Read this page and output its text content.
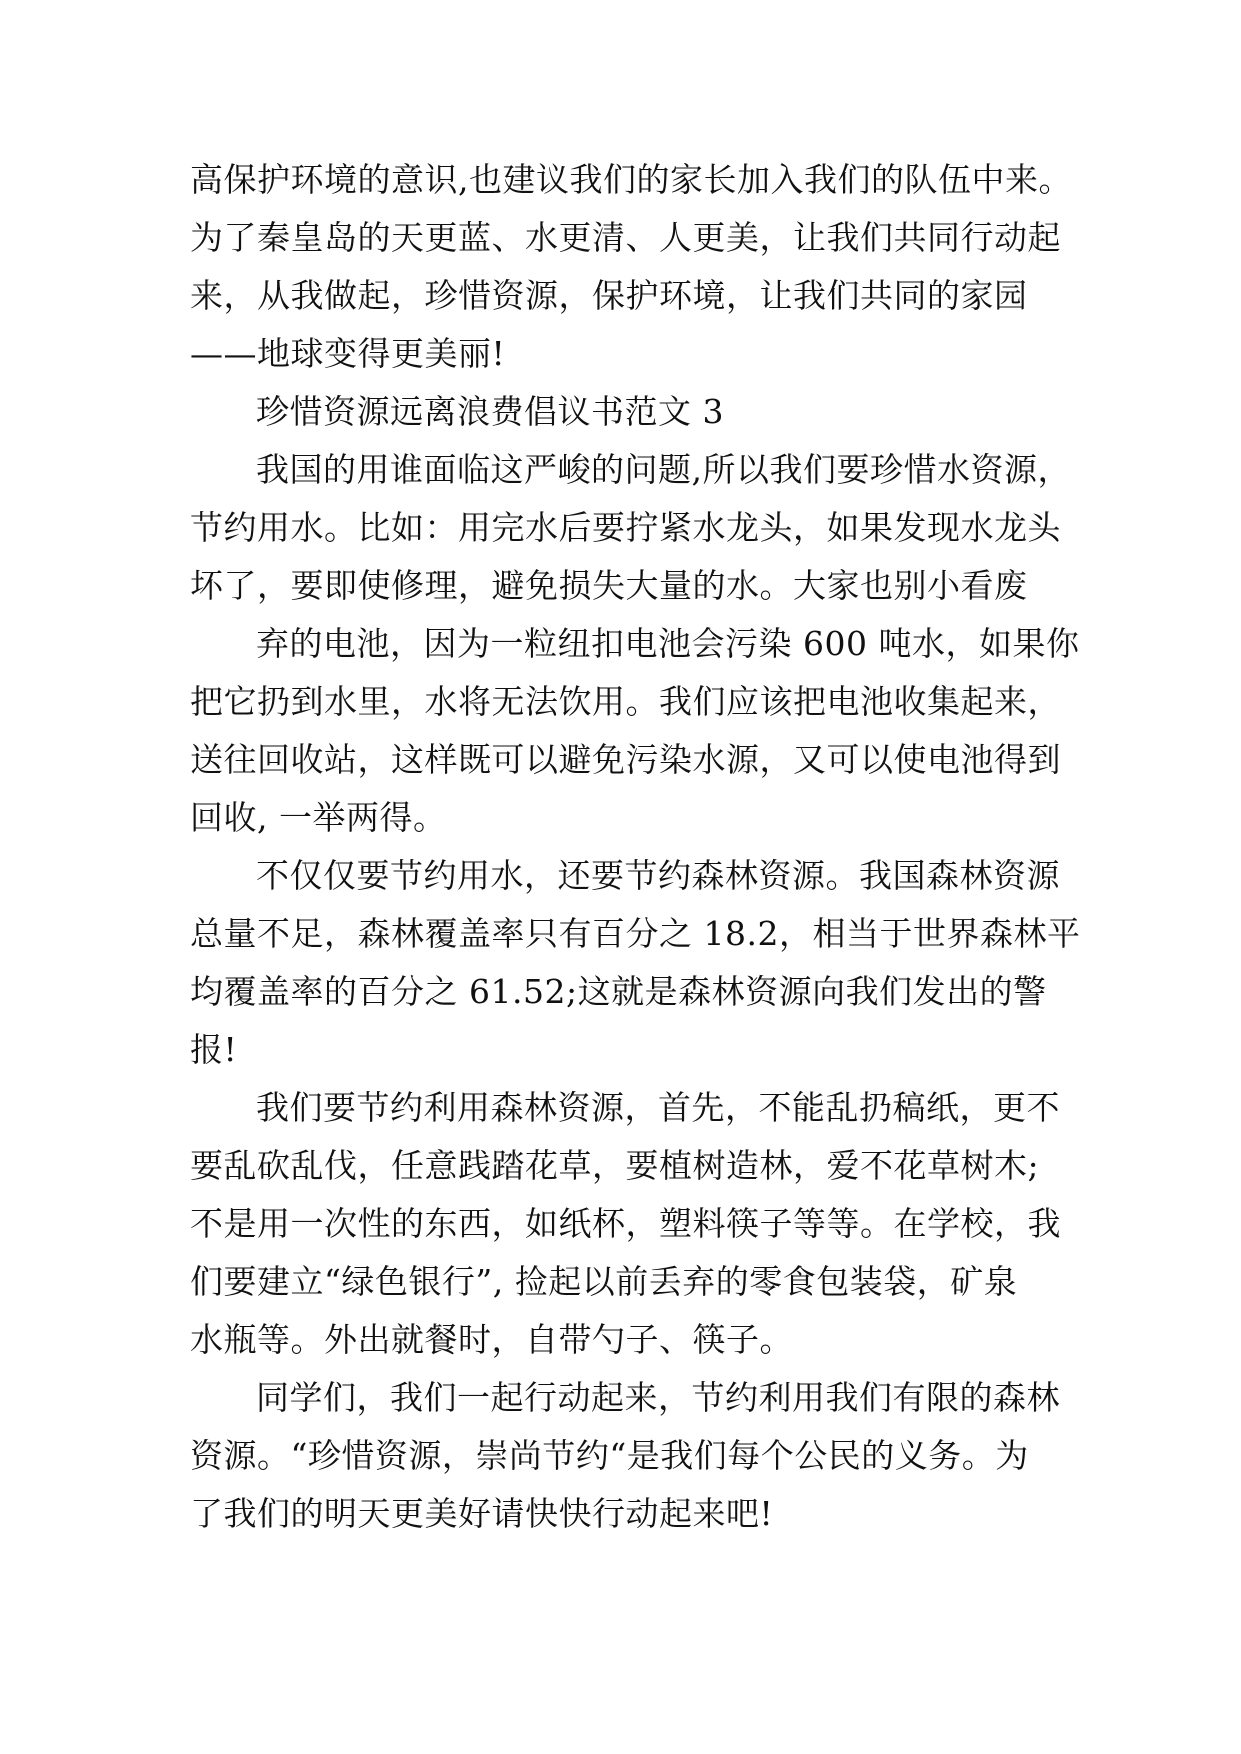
高保护环境的意识,也建议我们的家长加入我们的队伍中来。
为了秦皇岛的天更蓝、水更清、人更美，让我们共同行动起
来，从我做起，珍惜资源，保护环境，让我们共同的家园
——地球变得更美丽!
珍惜资源远离浪费倡议书范文 3
我国的用谁面临这严峻的问题,所以我们要珍惜水资源，
节约用水。比如：用完水后要拧紧水龙头，如果发现水龙头
坏了，要即使修理，避免损失大量的水。大家也别小看废
弃的电池，因为一粒纽扣电池会污染 600 吨水，如果你
把它扔到水里，水将无法饮用。我们应该把电池收集起来，
送往回收站，这样既可以避免污染水源，又可以使电池得到
回收, 一举两得。
不仅仅要节约用水，还要节约森林资源。我国森林资源
总量不足，森林覆盖率只有百分之 18.2，相当于世界森林平
均覆盖率的百分之 61.52;这就是森林资源向我们发出的警
报!
我们要节约利用森林资源，首先，不能乱扔稿纸，更不
要乱砍乱伐，任意践踏花草，要植树造林，爱不花草树木;
不是用一次性的东西，如纸杯，塑料筷子等等。在学校，我
们要建立“绿色银行”, 捡起以前丢弃的零食包装袋，矿泉
水瓶等。外出就餐时，自带勺子、筷子。
同学们，我们一起行动起来，节约利用我们有限的森林
资源。“珍惜资源，崇尚节约“是我们每个公民的义务。为
了我们的明天更美好请快快行动起来吧!
